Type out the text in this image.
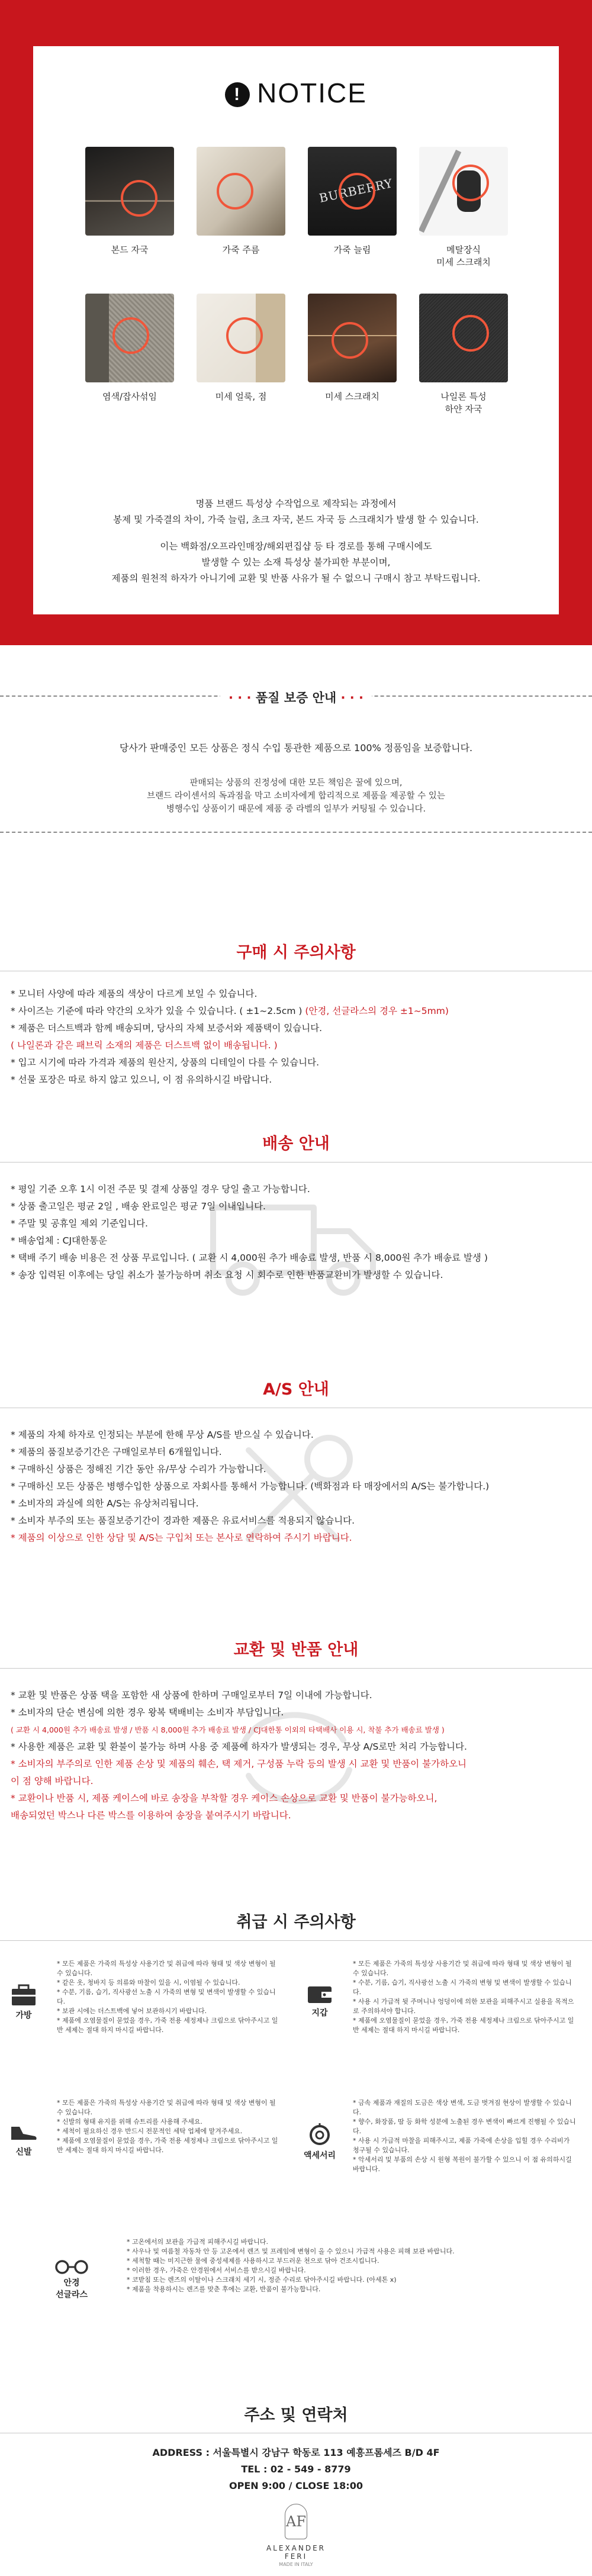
! NOTICE
본드 자국	가죽 주름
BURBERRY
가죽 늘림	메탈장식
미세 스크래치
염색/잡사섞임	미세 얼룩, 점	미세 스크래치	나일론 특성
하얀 자국

명품 브랜드 특성상 수작업으로 제작되는 과정에서
봉제 및 가죽결의 차이, 가죽 늘림, 초크 자국, 본드 자국 등 스크래치가 발생 할 수 있습니다.

이는 백화점/오프라인매장/해외편집샵 등 타 경로를 통해 구매시에도
발생할 수 있는 소재 특성상 불가피한 부분이며,
제품의 원천적 하자가 아니기에 교환 및 반품 사유가 될 수 없으니 구매시 참고 부탁드립니다.

· · · 품질 보증 안내 · · ·
당사가 판매중인 모든 상품은 정식 수입 통관한 제품으로 100% 정품임을 보증합니다.
판매되는 상품의 진정성에 대한 모든 책임은 꿀에 있으며,
브랜드 라이센서의 독과점을 막고 소비자에게 합리적으로 제품을 제공할 수 있는
병행수입 상품이기 때문에 제품 중 라벨의 일부가 커팅될 수 있습니다.
구매 시 주의사항
* 모니터 사양에 따라 제품의 색상이 다르게 보일 수 있습니다.
* 사이즈는 기준에 따라 약간의 오차가 있을 수 있습니다. ( ±1~2.5cm ) (안경, 선글라스의 경우 ±1~5mm)
* 제품은 더스트백과 함께 배송되며, 당사의 자체 보증서와 제품택이 있습니다.
( 나일론과 같은 패브릭 소재의 제품은 더스트백 없이 배송됩니다. )
* 입고 시기에 따라 가격과 제품의 원산지, 상품의 디테일이 다를 수 있습니다.
* 선물 포장은 따로 하지 않고 있으니, 이 점 유의하시길 바랍니다.
배송 안내
* 평일 기준 오후 1시 이전 주문 및 결제 상품일 경우 당일 출고 가능합니다.
* 상품 출고일은 평균 2일 , 배송 완료일은 평균 7일 이내입니다.
* 주말 및 공휴일 제외 기준입니다.
* 배송업체 : CJ대한통운
* 택배 주기 배송 비용은 전 상품 무료입니다. ( 교환 시 4,000원 추가 배송료 발생, 반품 시 8,000원 추가 배송료 발생 )
* 송장 입력된 이후에는 당일 취소가 불가능하며 취소 요청 시 회수로 인한 반품교환비가 발생할 수 있습니다.
A/S 안내
* 제품의 자체 하자로 인정되는 부분에 한해 무상 A/S를 받으실 수 있습니다.
* 제품의 품질보증기간은 구매일로부터 6개월입니다.
* 구매하신 상품은 정해진 기간 동안 유/무상 수리가 가능합니다.
* 구매하신 모든 상품은 병행수입한 상품으로 자회사를 통해서 가능합니다. (백화점과 타 매장에서의 A/S는 불가합니다.)
* 소비자의 과실에 의한 A/S는 유상처리됩니다.
* 소비자 부주의 또는 품질보증기간이 경과한 제품은 유료서비스를 적용되지 않습니다.
* 제품의 이상으로 인한 상담 및 A/S는 구입처 또는 본사로 연락하여 주시기 바랍니다.
교환 및 반품 안내
* 교환 및 반품은 상품 택을 포함한 새 상품에 한하며 구매일로부터 7일 이내에 가능합니다.
* 소비자의 단순 변심에 의한 경우 왕복 택배비는 소비자 부담입니다.
( 교환 시 4,000원 추가 배송료 발생 / 반품 시 8,000원 추가 배송료 발생 / CJ대한통 이외의 타택배사 이용 시, 착불 추가 배송료 발생 )
* 사용한 제품은 교환 및 환불이 불가능 하며 사용 중 제품에 하자가 발생되는 경우, 무상 A/S로만 처리 가능합니다.
* 소비자의 부주의로 인한 제품 손상 및 제품의 훼손, 택 제거, 구성품 누락 등의 발생 시 교환 및 반품이 불가하오니
이 점 양해 바랍니다.
* 교환이나 반품 시, 제품 케이스에 바로 송장을 부착할 경우 케이스 손상으로 교환 및 반품이 불가능하오니,
배송되었던 박스나 다른 박스를 이용하여 송장을 붙여주시기 바랍니다.
취급 시 주의사항
가방
* 모든 제품은 가죽의 특성상 사용기간 및 취급에 따라 형태 및 색상 변형이 될 수 있습니다.
* 같은 옷, 청바지 등 의류와 마찰이 있을 시, 이염될 수 있습니다.
* 수분, 기름, 습기, 직사광선 노출 시 가죽의 변형 및 변색이 발생할 수 있습니다.
* 보관 시에는 더스트백에 넣어 보관하시기 바랍니다.
* 제품에 오염물질이 묻었을 경우, 가죽 전용 세정제나 크림으로 닦아주시고 일반 세제는 절대 하지 마시길 바랍니다.
지갑
* 모든 제품은 가죽의 특성상 사용기간 및 취급에 따라 형태 및 색상 변형이 될 수 있습니다.
* 수분, 기름, 습기, 직사광선 노출 시 가죽의 변형 및 변색이 발생할 수 있습니다.
* 사용 시 가급적 뒷 주머니나 엉덩이에 의한 보관을 피해주시고 실용을 목적으로 주의하셔야 합니다.
* 제품에 오염물질이 묻었을 경우, 가죽 전용 세정제나 크림으로 닦아주시고 일반 세제는 절대 하지 마시길 바랍니다.
신발
* 모든 제품은 가죽의 특성상 사용기간 및 취급에 따라 형태 및 색상 변형이 될 수 있습니다.
* 신발의 형태 유지를 위해 슈트리를 사용해 주세요.
* 세척이 필요하신 경우 반드시 전문적인 세탁 업체에 맡겨주세요.
* 제품에 오염물질이 묻었을 경우, 가죽 전용 세정제나 크림으로 닦아주시고 일반 세제는 절대 하지 마시길 바랍니다.
액세서리
* 금속 제품과 재질의 도금은 색상 변색, 도금 벗겨짐 현상이 발생할 수 있습니다.
* 향수, 화장품, 땀 등 화학 성분에 노출된 경우 변색이 빠르게 진행될 수 있습니다.
* 사용 시 가급적 마찰을 피해주시고, 제품 가죽에 손상을 입힐 경우 수리비가 청구될 수 있습니다.
* 악세서리 및 부품의 손상 시 원형 복원이 불가할 수 있으니 이 점 유의하시길 바랍니다.
안경
선글라스
* 고온에서의 보관을 가급적 피해주시길 바랍니다.
* 사우나 및 여름철 자동차 안 등 고온에서 렌즈 및 프레임에 변형이 올 수 있으니 가급적 사용은 피해 보관 바랍니다.
* 세척할 때는 미지근한 물에 중성세제를 사용하시고 부드러운 천으로 닦아 건조시킵니다.
* 이러한 경우, 가죽은 안경원에서 서비스를 받으시길 바랍니다.
* 코받침 또는 렌즈의 이탈이나 스크래치 세기 시, 정준 수리로 닦아주시길 바랍니다. (아세톤 x)
* 제품을 착용하시는 렌즈를 맞춘 후에는 교환, 반품이 불가능합니다.
주소 및 연락처
ADDRESS : 서울특별시 강남구 학동로 113 예흥프롬세즈 B/D 4F
TEL : 02 - 549 - 8779
OPEN 9:00 / CLOSE 18:00
AF
ALEXANDER FERI
MADE IN ITALY
